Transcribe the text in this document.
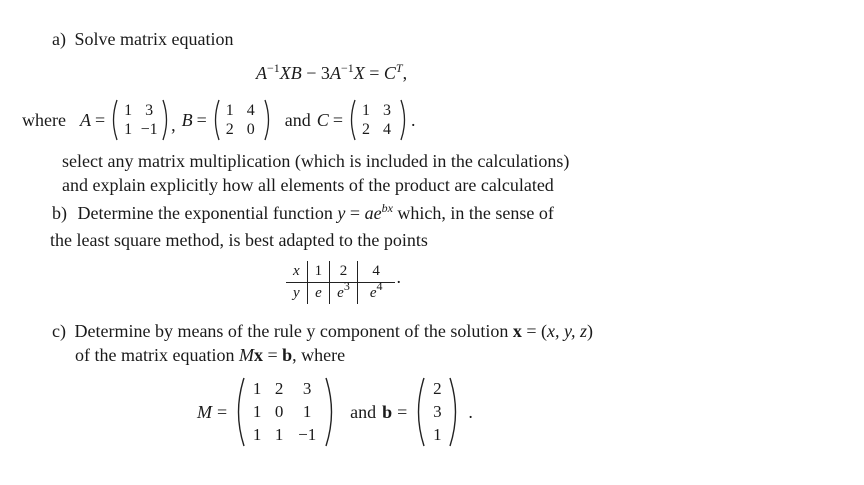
a) Solve matrix equation
$A^{-1}XB - 3A^{-1}X = C^T$,
where A =	1 3
1 −1 , B =	1 4
2 0	and C =	1 3
2 4	.
select any matrix multiplication (which is included in the calculations)
and explain explicitly how all elements of the product are calculated
b) Determine the exponential function $y = ae^{bx}$ which, in the sense of
the least square method, is best adapted to the points
x	1	2	4
y	e	$e^3$	$e^4$ .
c) Determine by means of the rule y component of the solution x = (x, y, z)
of the matrix equation Mx = b, where
M =
1 2	3
1 0	1
1 1 −1
and b =
2
3
1
.
